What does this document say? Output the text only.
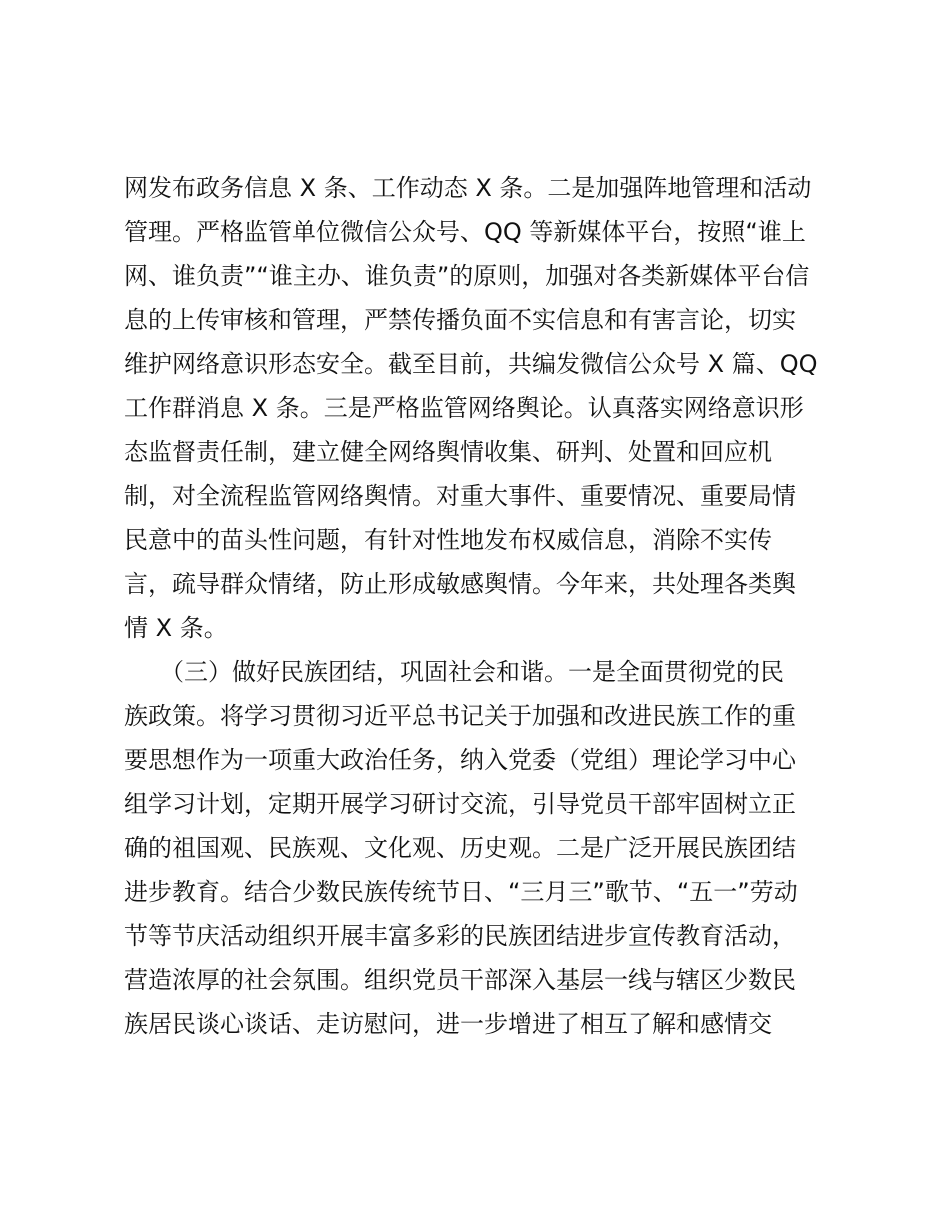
网发布政务信息 X 条、工作动态 X 条。二是加强阵地管理和活动
管理。严格监管单位微信公众号、QQ 等新媒体平台，按照“谁上
网、谁负责”“谁主办、谁负责”的原则，加强对各类新媒体平台信
息的上传审核和管理，严禁传播负面不实信息和有害言论，切实
维护网络意识形态安全。截至目前，共编发微信公众号 X 篇、QQ
工作群消息 X 条。三是严格监管网络舆论。认真落实网络意识形
态监督责任制，建立健全网络舆情收集、研判、处置和回应机
制，对全流程监管网络舆情。对重大事件、重要情况、重要局情
民意中的苗头性问题，有针对性地发布权威信息，消除不实传
言，疏导群众情绪，防止形成敏感舆情。今年来，共处理各类舆
情 X 条。
　　（三）做好民族团结，巩固社会和谐。一是全面贯彻党的民
族政策。将学习贯彻习近平总书记关于加强和改进民族工作的重
要思想作为一项重大政治任务，纳入党委（党组）理论学习中心
组学习计划，定期开展学习研讨交流，引导党员干部牢固树立正
确的祖国观、民族观、文化观、历史观。二是广泛开展民族团结
进步教育。结合少数民族传统节日、“三月三”歌节、“五一”劳动
节等节庆活动组织开展丰富多彩的民族团结进步宣传教育活动，
营造浓厚的社会氛围。组织党员干部深入基层一线与辖区少数民
族居民谈心谈话、走访慰问，进一步增进了相互了解和感情交
